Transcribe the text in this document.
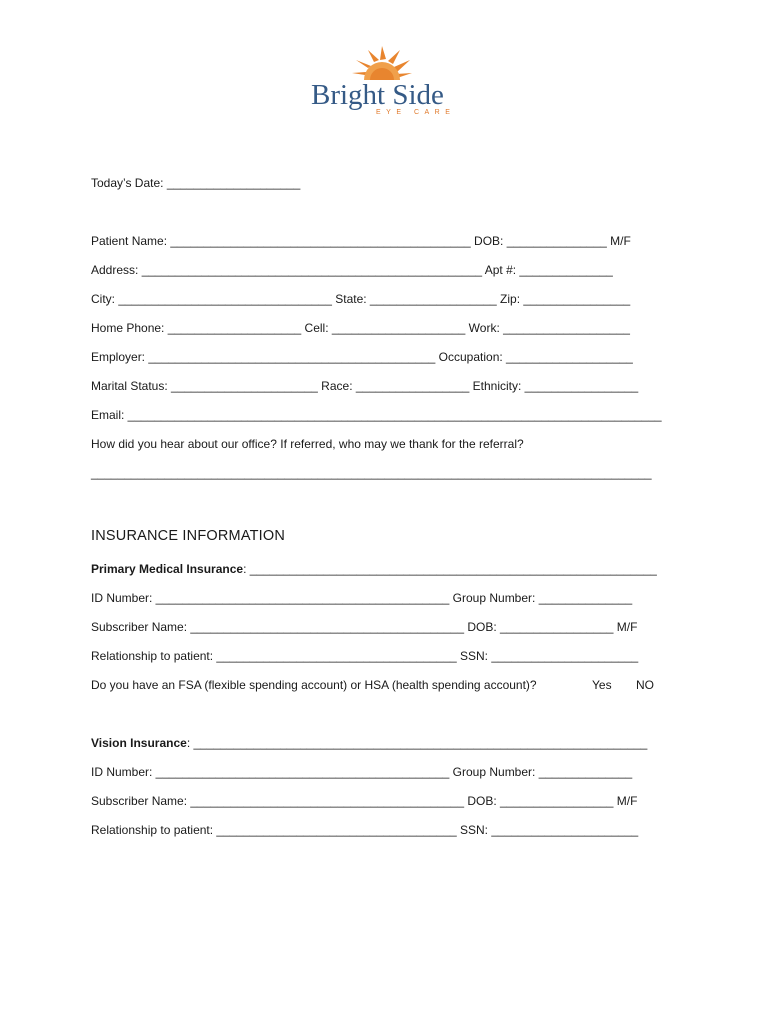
Bright Side
EYE CARE
Today’s Date: ____________________
Patient Name: _____________________________________________ DOB: _______________ M/F
Address: ___________________________________________________ Apt #: ______________
City: ________________________________ State: ___________________ Zip: ________________
Home Phone: ____________________ Cell: ____________________ Work: ___________________
Employer: ___________________________________________ Occupation: ___________________
Marital Status: ______________________ Race: _________________ Ethnicity: _________________
Email: ________________________________________________________________________________
How did you hear about our office? If referred, who may we thank for the referral?
____________________________________________________________________________________
INSURANCE INFORMATION
Primary Medical Insurance: _____________________________________________________________
ID Number: ____________________________________________ Group Number: ______________
Subscriber Name: _________________________________________ DOB: _________________ M/F
Relationship to patient: ____________________________________ SSN: ______________________
Do you have an FSA (flexible spending account) or HSA (health spending account)?	Yes NO
Vision Insurance: ____________________________________________________________________
ID Number: ____________________________________________ Group Number: ______________
Subscriber Name: _________________________________________ DOB: _________________ M/F
Relationship to patient: ____________________________________ SSN: ______________________
